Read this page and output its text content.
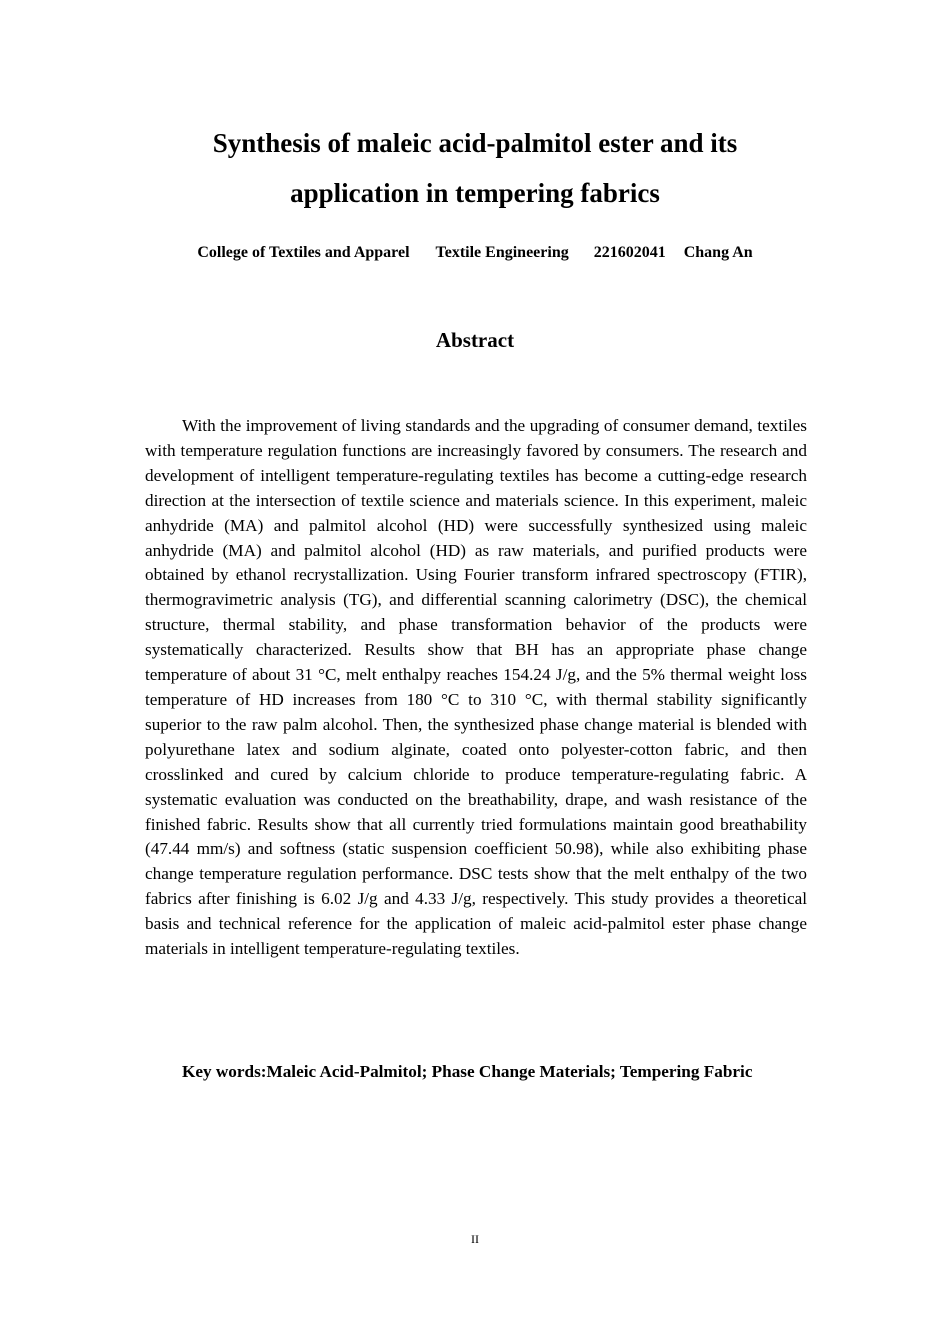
Synthesis of maleic acid-palmitol ester and its
application in tempering fabrics
College of Textiles and Apparel Textile Engineering 221602041 Chang An
Abstract

With the improvement of living standards and the upgrading of consumer demand, textiles with temperature regulation functions are increasingly favored by consumers. The research and development of intelligent temperature-regulating textiles has become a cutting-edge research direction at the intersection of textile science and materials science. In this experiment, maleic anhydride (MA) and palmitol alcohol (HD) were successfully synthesized using maleic anhydride (MA) and palmitol alcohol (HD) as raw materials, and purified products were obtained by ethanol recrystallization. Using Fourier transform infrared spectroscopy (FTIR), thermogravimetric analysis (TG), and differential scanning calorimetry (DSC), the chemical structure, thermal stability, and phase transformation behavior of the products were systematically characterized. Results show that BH has an appropriate phase change temperature of about 31 °C, melt enthalpy reaches 154.24 J/g, and the 5% thermal weight loss temperature of HD increases from 180 °C to 310 °C, with thermal stability significantly superior to the raw palm alcohol. Then, the synthesized phase change material is blended with polyurethane latex and sodium alginate, coated onto polyester-cotton fabric, and then crosslinked and cured by calcium chloride to produce temperature-regulating fabric. A systematic evaluation was conducted on the breathability, drape, and wash resistance of the finished fabric. Results show that all currently tried formulations maintain good breathability (47.44 mm/s) and softness (static suspension coefficient 50.98), while also exhibiting phase change temperature regulation performance. DSC tests show that the melt enthalpy of the two fabrics after finishing is 6.02 J/g and 4.33 J/g, respectively. This study provides a theoretical basis and technical reference for the application of maleic acid-palmitol ester phase change materials in intelligent temperature-regulating textiles.

Key words:Maleic Acid-Palmitol; Phase Change Materials; Tempering Fabric

II
